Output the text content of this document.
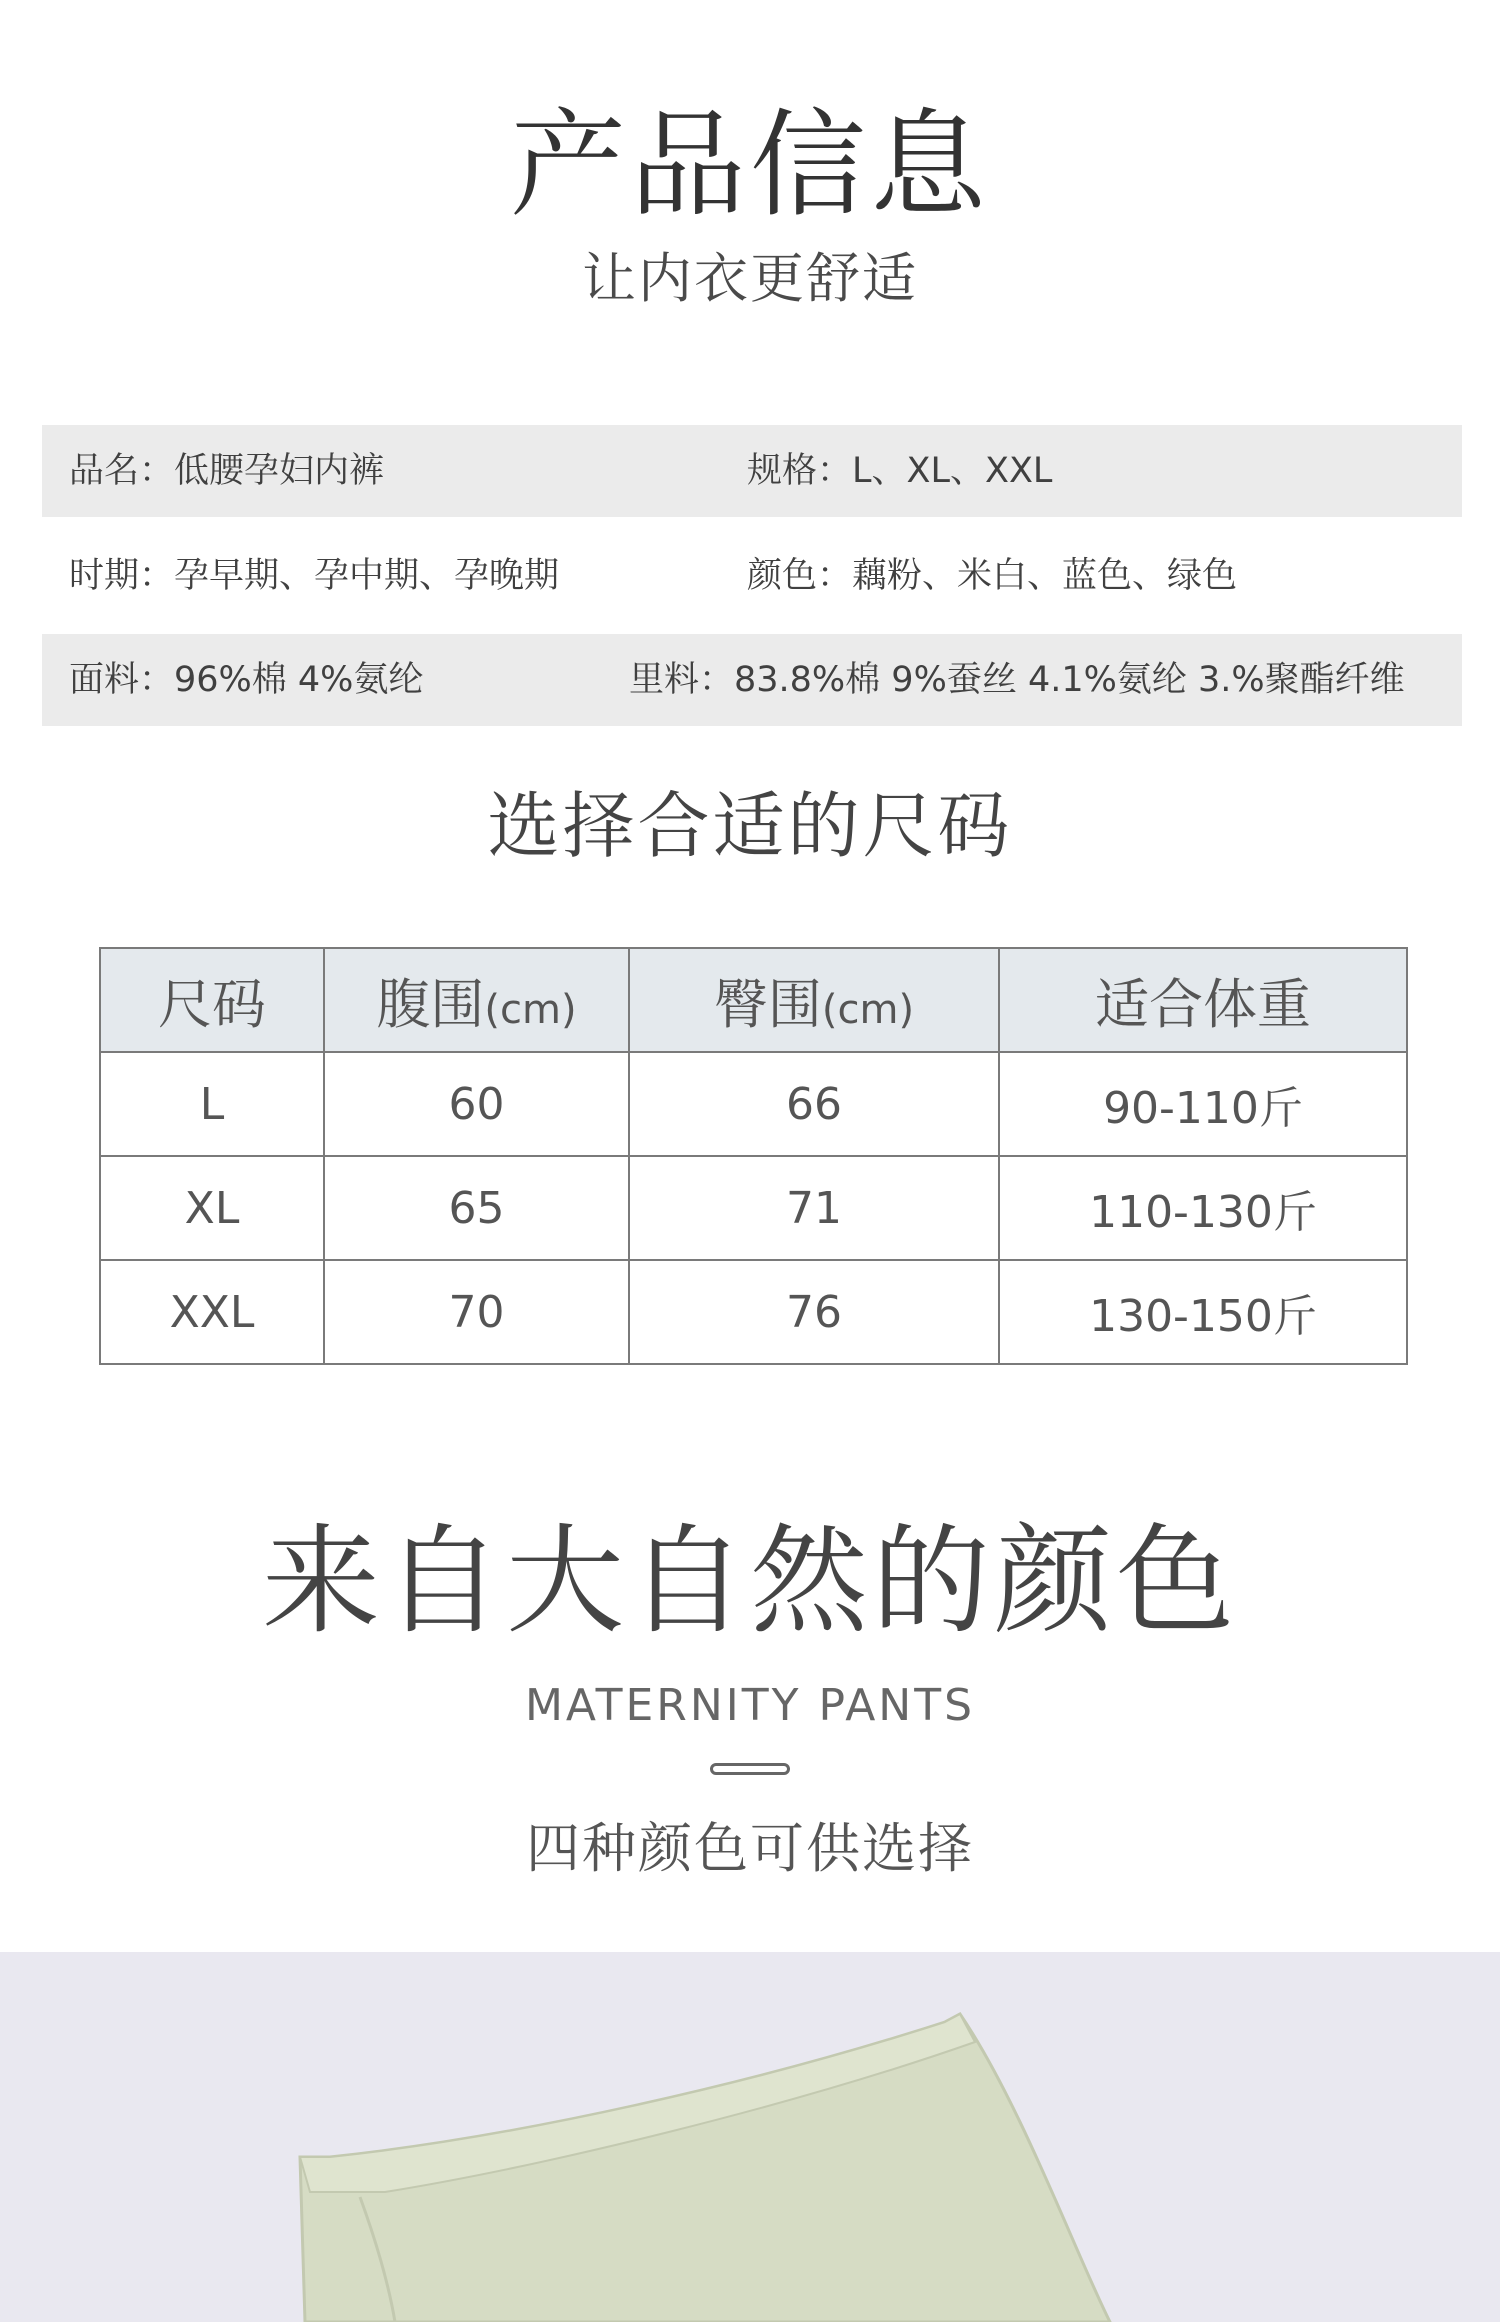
产品信息
让内衣更舒适
品名：低腰孕妇内裤	规格：L、XL、XXL
时期：孕早期、孕中期、孕晚期	颜色：藕粉、米白、蓝色、绿色
面料：96%棉 4%氨纶	里料：83.8%棉 9%蚕丝 4.1%氨纶 3.%聚酯纤维
选择合适的尺码
尺码	腹围(cm)	臀围(cm)	适合体重
L	60	66	90-110斤
XL	65	71	110-130斤
XXL	70	76	130-150斤
来自大自然的颜色
MATERNITY PANTS
四种颜色可供选择
